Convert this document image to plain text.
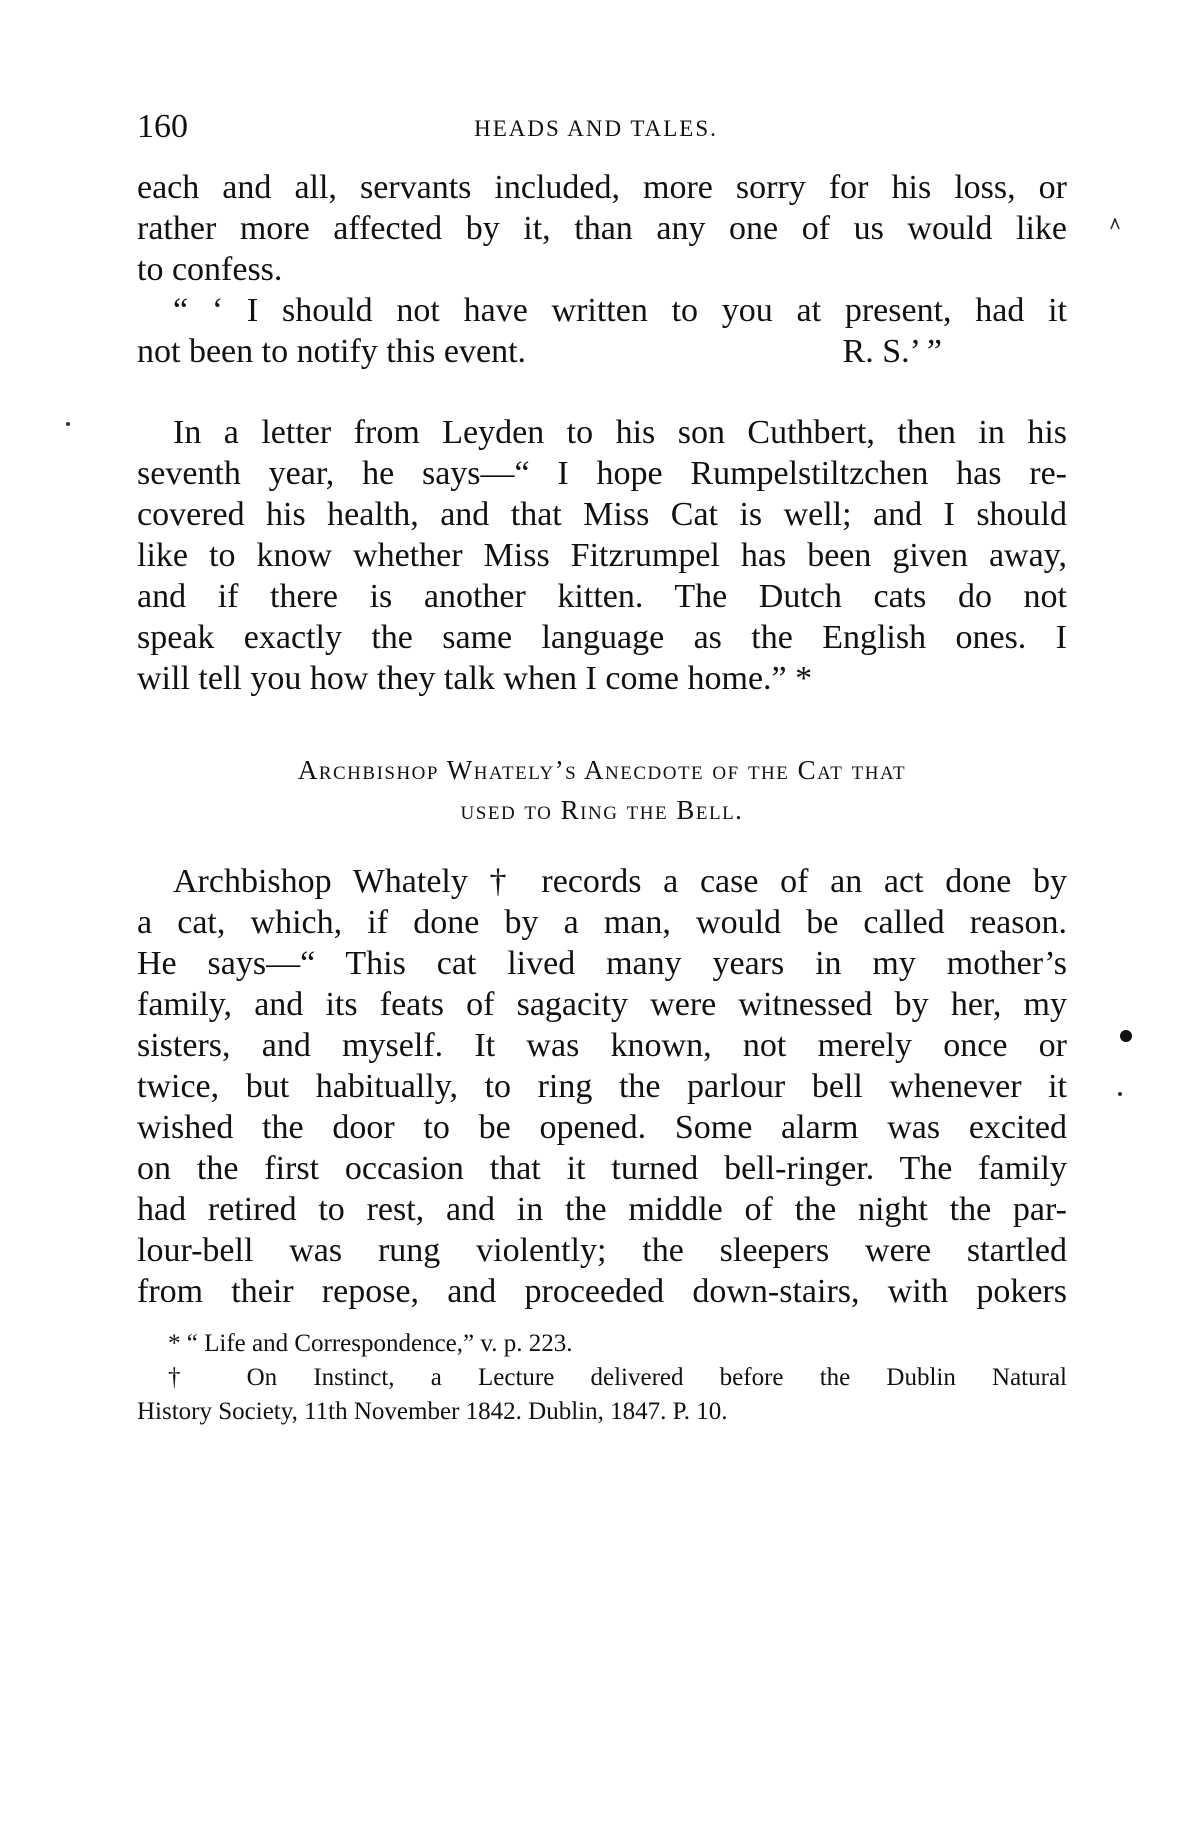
160	HEADS AND TALES.
each and all, servants included, more sorry for his loss, or
rather more affected by it, than any one of us would like
to confess.
“ ‘ I should not have written to you at present, had it
not been to notify this event.	R. S.’ ”
In a letter from Leyden to his son Cuthbert, then in his
seventh year, he says—“ I hope Rumpelstiltzchen has re-
covered his health, and that Miss Cat is well; and I should
like to know whether Miss Fitzrumpel has been given away,
and if there is another kitten. The Dutch cats do not
speak exactly the same language as the English ones. I
will tell you how they talk when I come home.” *
Archbishop Whately’s Anecdote of the Cat that
used to Ring the Bell.
Archbishop Whately † records a case of an act done by
a cat, which, if done by a man, would be called reason.
He says—“ This cat lived many years in my mother’s
family, and its feats of sagacity were witnessed by her, my
sisters, and myself. It was known, not merely once or
twice, but habitually, to ring the parlour bell whenever it
wished the door to be opened. Some alarm was excited
on the first occasion that it turned bell-ringer. The family
had retired to rest, and in the middle of the night the par-
lour-bell was rung violently; the sleepers were startled
from their repose, and proceeded down-stairs, with pokers
* “ Life and Correspondence,” v. p. 223.
† On Instinct, a Lecture delivered before the Dublin Natural
History Society, 11th November 1842. Dublin, 1847. P. 10.
